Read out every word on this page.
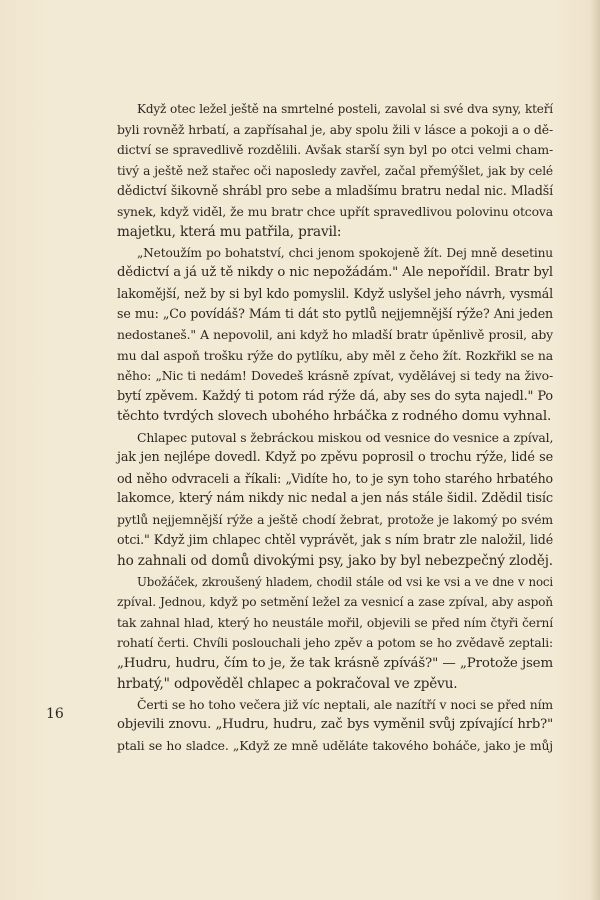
Když otec ležel ještě na smrtelné posteli, zavolal si své dva syny, kteří
byli rovněž hrbatí, a zapřísahal je, aby spolu žili v lásce a pokoji a o dě-
dictví se spravedlivě rozdělili. Avšak starší syn byl po otci velmi cham-
tivý a ještě než stařec oči naposledy zavřel, začal přemýšlet, jak by celé
dědictví šikovně shrábl pro sebe a mladšímu bratru nedal nic. Mladší
synek, když viděl, že mu bratr chce upřít spravedlivou polovinu otcova
majetku, která mu patřila, pravil:

„Netoužím po bohatství, chci jenom spokojeně žít. Dej mně desetinu
dědictví a já už tě nikdy o nic nepožádám." Ale nepořídil. Bratr byl
lakomější, než by si byl kdo pomyslil. Když uslyšel jeho návrh, vysmál
se mu: „Co povídáš? Mám ti dát sto pytlů nejjemnější rýže? Ani jeden
nedostaneš." A nepovolil, ani když ho mladší bratr úpěnlivě prosil, aby
mu dal aspoň trošku rýže do pytlíku, aby měl z čeho žít. Rozkřikl se na
něho: „Nic ti nedám! Dovedeš krásně zpívat, vydělávej si tedy na živo-
bytí zpěvem. Každý ti potom rád rýže dá, aby ses do syta najedl." Po
těchto tvrdých slovech ubohého hrbáčka z rodného domu vyhnal.

Chlapec putoval s žebráckou miskou od vesnice do vesnice a zpíval,
jak jen nejlépe dovedl. Když po zpěvu poprosil o trochu rýže, lidé se
od něho odvraceli a říkali: „Vidíte ho, to je syn toho starého hrbatého
lakomce, který nám nikdy nic nedal a jen nás stále šidil. Zdědil tisíc
pytlů nejjemnější rýže a ještě chodí žebrat, protože je lakomý po svém
otci." Když jim chlapec chtěl vyprávět, jak s ním bratr zle naložil, lidé
ho zahnali od domů divokými psy, jako by byl nebezpečný zloděj.

Ubožáček, zkroušený hladem, chodil stále od vsi ke vsi a ve dne v noci
zpíval. Jednou, když po setmění ležel za vesnicí a zase zpíval, aby aspoň
tak zahnal hlad, který ho neustále mořil, objevili se před ním čtyři černí
rohatí čerti. Chvíli poslouchali jeho zpěv a potom se ho zvědavě zeptali:
„Hudru, hudru, čím to je, že tak krásně zpíváš?" — „Protože jsem
hrbatý," odpověděl chlapec a pokračoval ve zpěvu.

Čerti se ho toho večera již víc neptali, ale nazítří v noci se před ním
objevili znovu. „Hudru, hudru, zač bys vyměnil svůj zpívající hrb?"
ptali se ho sladce. „Když ze mně uděláte takového boháče, jako je můj

16
